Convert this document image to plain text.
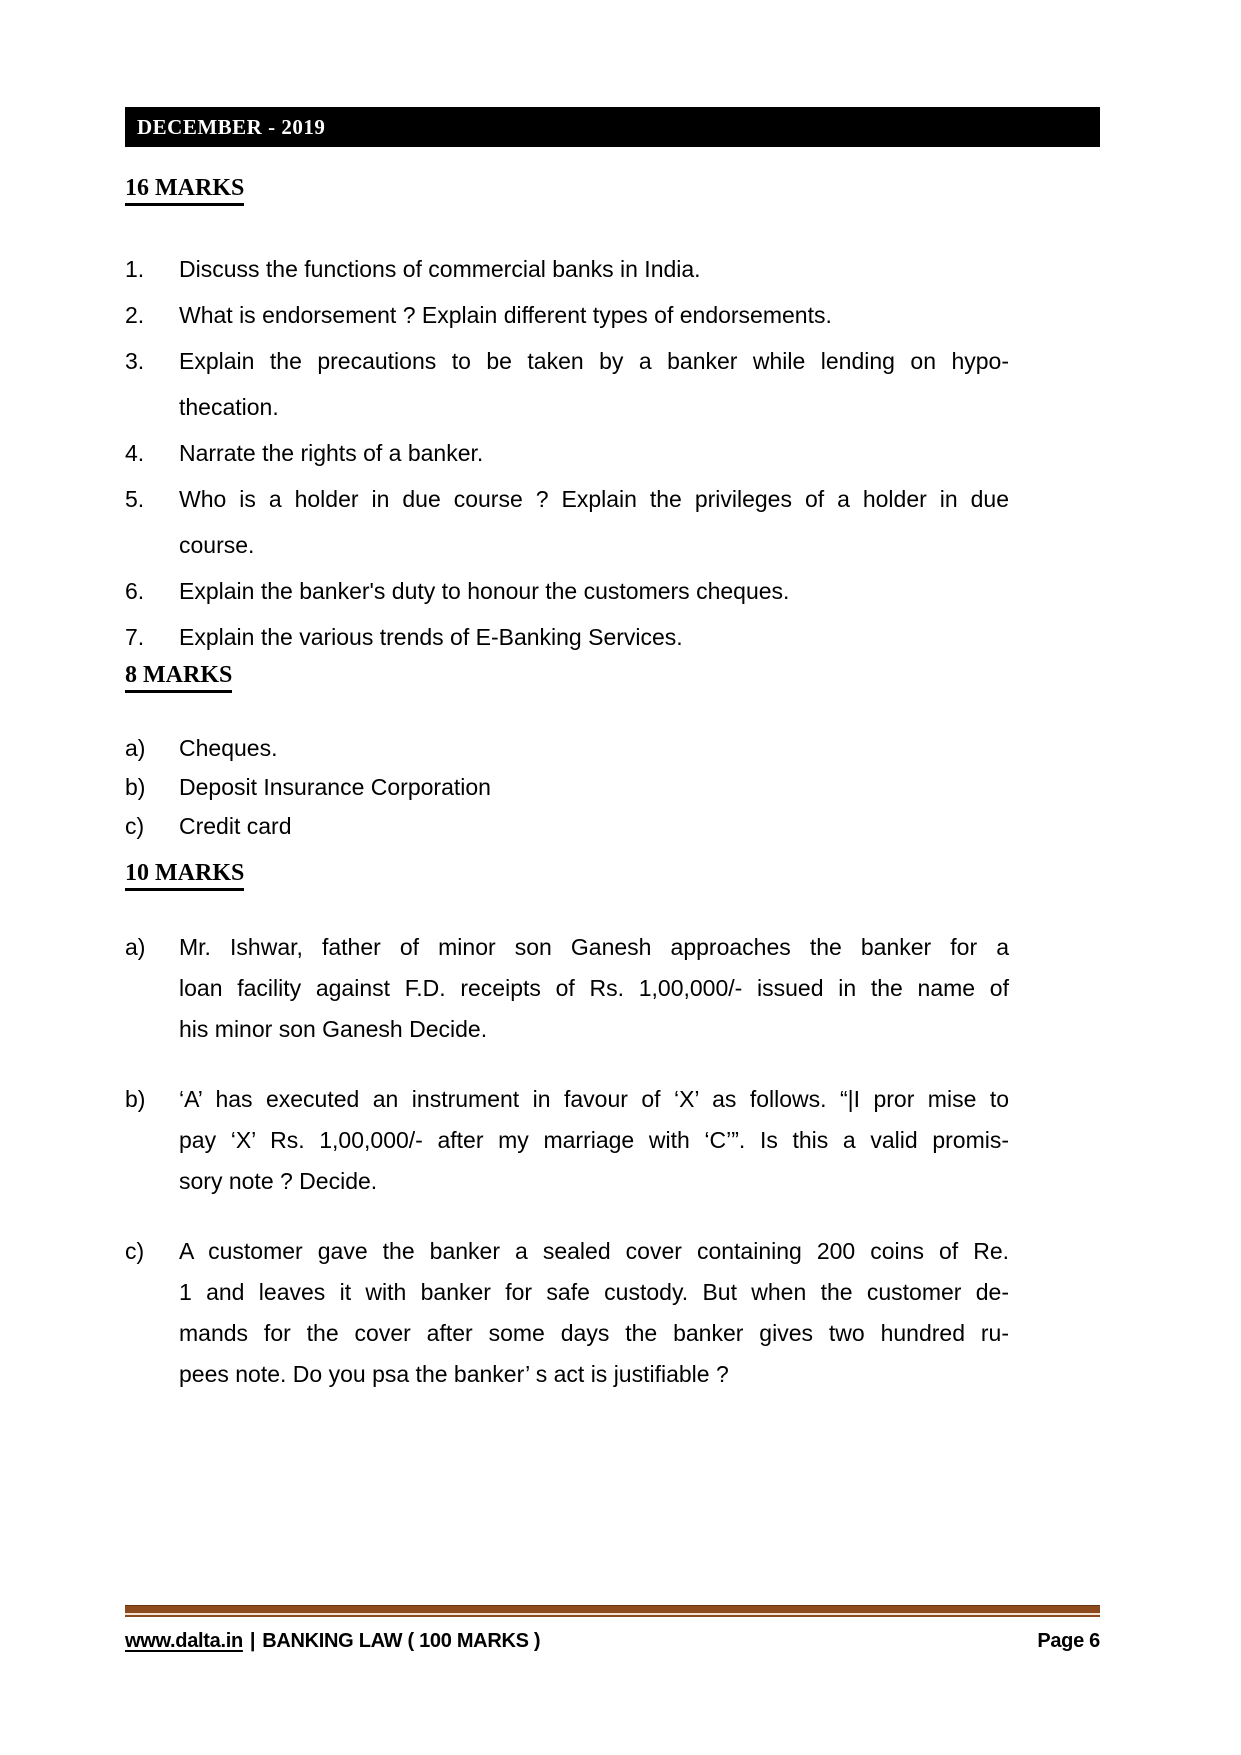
DECEMBER - 2019
16 MARKS
1.	Discuss the functions of commercial banks in India.
2.	What is endorsement ? Explain different types of endorsements.
3.	Explain the precautions to be taken by a banker while lending on hypo-
thecation.
4.	Narrate the rights of a banker.
5.	Who is a holder in due course ? Explain the privileges of a holder in due
course.
6.	Explain the banker's duty to honour the customers cheques.
7.	Explain the various trends of E-Banking Services.
8 MARKS
a)	Cheques.
b)	Deposit Insurance Corporation
c)	Credit card
10 MARKS
a)	Mr. Ishwar, father of minor son Ganesh approaches the banker for a
loan facility against F.D. receipts of Rs. 1,00,000/- issued in the name of
his minor son Ganesh Decide.
b)	‘A’ has executed an instrument in favour of ‘X’ as follows. “|I pror mise to
pay ‘X’ Rs. 1,00,000/- after my marriage with ‘C’”. Is this a valid promis-
sory note ? Decide.
c)	A customer gave the banker a sealed cover containing 200 coins of Re.
1 and leaves it with banker for safe custody. But when the customer de-
mands for the cover after some days the banker gives two hundred ru-
pees note. Do you psa the banker’ s act is justifiable ?
www.dalta.in | BANKING LAW ( 100 MARKS )	Page 6
